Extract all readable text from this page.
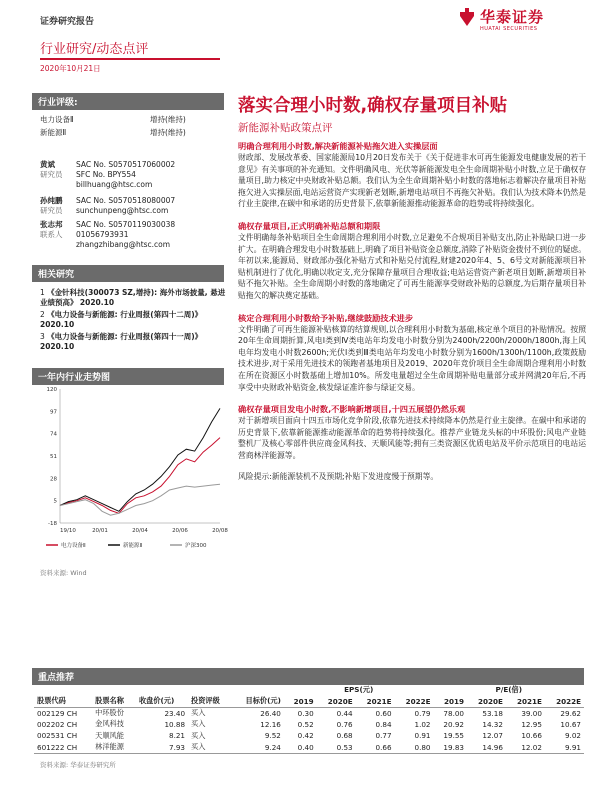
证券研究报告	华泰证券
HUATAI SECURITIES
行业研究/动态点评
2020年10月21日
行业评级:
电力设备Ⅱ	增持(维持)
新能源Ⅱ	增持(维持)
黄斌	SAC No. S0570517060002
研究员 SFC No. BPY554
billhuang@htsc.com
孙纯鹏 SAC No. S0570518080007
研究员 sunchunpeng@htsc.com
张志邦 SAC No. S0570119030038
联系人 01056793931
zhangzhibang@htsc.com
相关研究
1 《金针科技(300073 SZ,增持): 海外市场披量, 悬进业绩预高》 2020.10
2 《电力设备与新能源: 行业周报(第四十二周)》 2020.10
3 《电力设备与新能源: 行业周报(第四十一周)》 2020.10
一年内行业走势图
-18
5
28
51
74
97
120
19/10	20/01	20/04	20/06	20/08
电力设备Ⅱ	新能源Ⅱ	沪深300
资料来源: Wind
落实合理小时数,确权存量项目补贴
新能源补贴政策点评
明确合理利用小时数,解决新能源补贴拖欠进入实操层面
财政部、发展改革委、国家能源局10月20日发布关于《关于促进非水可再生能源发电健康发展的若干意见》有关事项的补充通知。文件明确风电、光伏等新能源发电全生命周期补贴小时数,立足于确权存量项目,助力核定中央财政补贴总额。我们认为全生命周期补贴小时数的落地标志着解决存量项目补贴拖欠进入实操层面,电站运营资产实现新老划断,新增电站项目不再拖欠补贴。我们认为技术降本仍然是行业主旋律,在碳中和承诺的历史背景下,依靠新能源推动能源革命的趋势或将持续强化。
确权存量项目,正式明确补贴总额和期限
文件明确每条补贴项目全生命周期合理利用小时数,立足避免不合规项目补贴支出,防止补贴缺口进一步扩大。在明确合理发电小时数基础上,明确了项目补贴资金总额度,消除了补贴资金拨付不到位的疑虑。年初以来,能源局、财政部办强化补贴方式和补贴兑付流程,财建2020年4、5、6号文对新能源项目补贴机制进行了优化,明确以收定支,充分保障存量项目合理收益;电站运营资产新老项目划断,新增项目补贴不拖欠补贴。全生命周期小时数的落地确定了可再生能源享受财政补贴的总额度,为后期存量项目补贴拖欠的解决奠定基础。
核定合理利用小时数给予补贴,继续鼓励技术进步
文件明确了可再生能源补贴核算的结算规则,以合理利用小时数为基础,核定单个项目的补贴情况。按照20年生命周期折算,风电Ⅰ类到Ⅳ类电站年均发电小时数分别为2400h/2200h/2000h/1800h,海上风电年均发电小时数2600h;光伏Ⅰ类到Ⅲ类电站年均发电小时数分别为1600h/1300h/1100h,政策鼓励技术进步,对于采用先进技术的领跑者基地项目及2019、2020年竞价项目全生命周期合理利用小时数在所在资源区小时数基础上增加10%。所发电量超过全生命周期补贴电量部分或并网满20年后,不再享受中央财政补贴资金,核发绿证准许参与绿证交易。
确权存量项目发电小时数,不影响新增项目,十四五展望仍然乐观
对于新增项目面向十四五市场化竞争阶段,依靠先进技术持续降本仍然是行业主旋律。在碳中和承诺的历史背景下,依靠新能源推动能源革命的趋势将持续强化。推荐产业链龙头标的中环股份;风电产业链整机厂及核心零部件供应商金风科技、天顺风能等;拥有三类资源区优质电站及平价示范项目的电站运营商林洋能源等。
风险提示:新能源装机不及预期;补贴下发进度慢于预期等。
重点推荐
					EPS(元)				P/E(倍)			
股票代码	股票名称	收盘价(元)	投资评级	目标价(元)	2019	2020E	2021E	2022E	2019	2020E	2021E	2022E
002129 CH	中环股份	23.40	买入	26.40	0.30	0.44	0.60	0.79	78.00	53.18	39.00	29.62
002202 CH	金风科技	10.88	买入	12.16	0.52	0.76	0.84	1.02	20.92	14.32	12.95	10.67
002531 CH	天顺风能	8.21	买入	9.52	0.42	0.68	0.77	0.91	19.55	12.07	10.66	9.02
601222 CH	林洋能源	7.93	买入	9.24	0.40	0.53	0.66	0.80	19.83	14.96	12.02	9.91
资料来源: 华泰证券研究所
